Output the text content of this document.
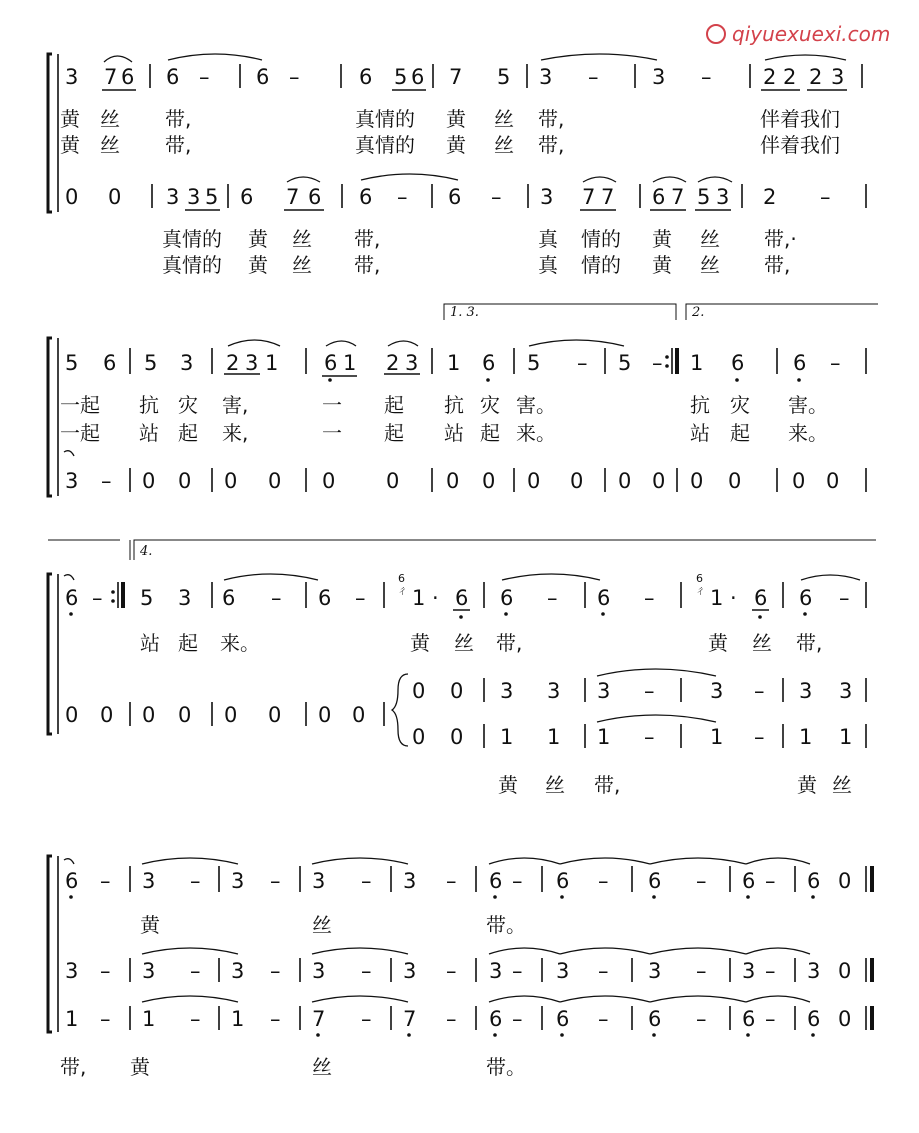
qiyuexuexi.com
3 7 6 6 – 6 –	6 5 6 7 5 3 –	3 – 2 2 2 3
黄 丝 带,	真情的 黄 丝 带,	伴着我们
黄 丝 带,	真情的 黄 丝 带,	伴着我们
0 0 3 3 5 6 7 6 6 – 6 – 3 7 7 6 7 5 3 2 –
真情的 黄 丝 带,	真 情的 黄 丝 带,·
真情的 黄 丝 带,	真 情的 黄 丝 带,
1. 3.	2.
5 6 5 3 2 3 1 6 1 2 3 1 6 5 – 5 – 1 6 6 –
一起 抗 灾 害,	一 起 抗 灾 害。	抗 灾 害。
一起 站 起 来,	一 起 站 起 来。	站 起 来。
3 – 0 0 0 0 0 0 0 0 0 0 0 0 0 0 0 0
4.
6 – 5 3 6 – 6 –
6
ㄔ 1 · 6 6 – 6 –
6
ㄔ 1 · 6 6 –
站 起 来。	黄 丝 带,	黄 丝 带,
0 0 0 0 0 0 0 0
0 0 3 3 3 –	3 – 3 3
0 0 1 1 1 –	1 – 1 1
黄 丝 带,	黄 丝
6 – 3 – 3 – 3 – 3 – 6 – 6 – 6 – 6 – 6 0
黄	丝	带。
3 – 3 – 3 – 3 – 3 – 3 – 3 – 3 – 3 – 3 0
1 – 1 – 1 – 7 – 7 – 6 – 6 – 6 – 6 – 6 0
带, 黄	丝	带。
